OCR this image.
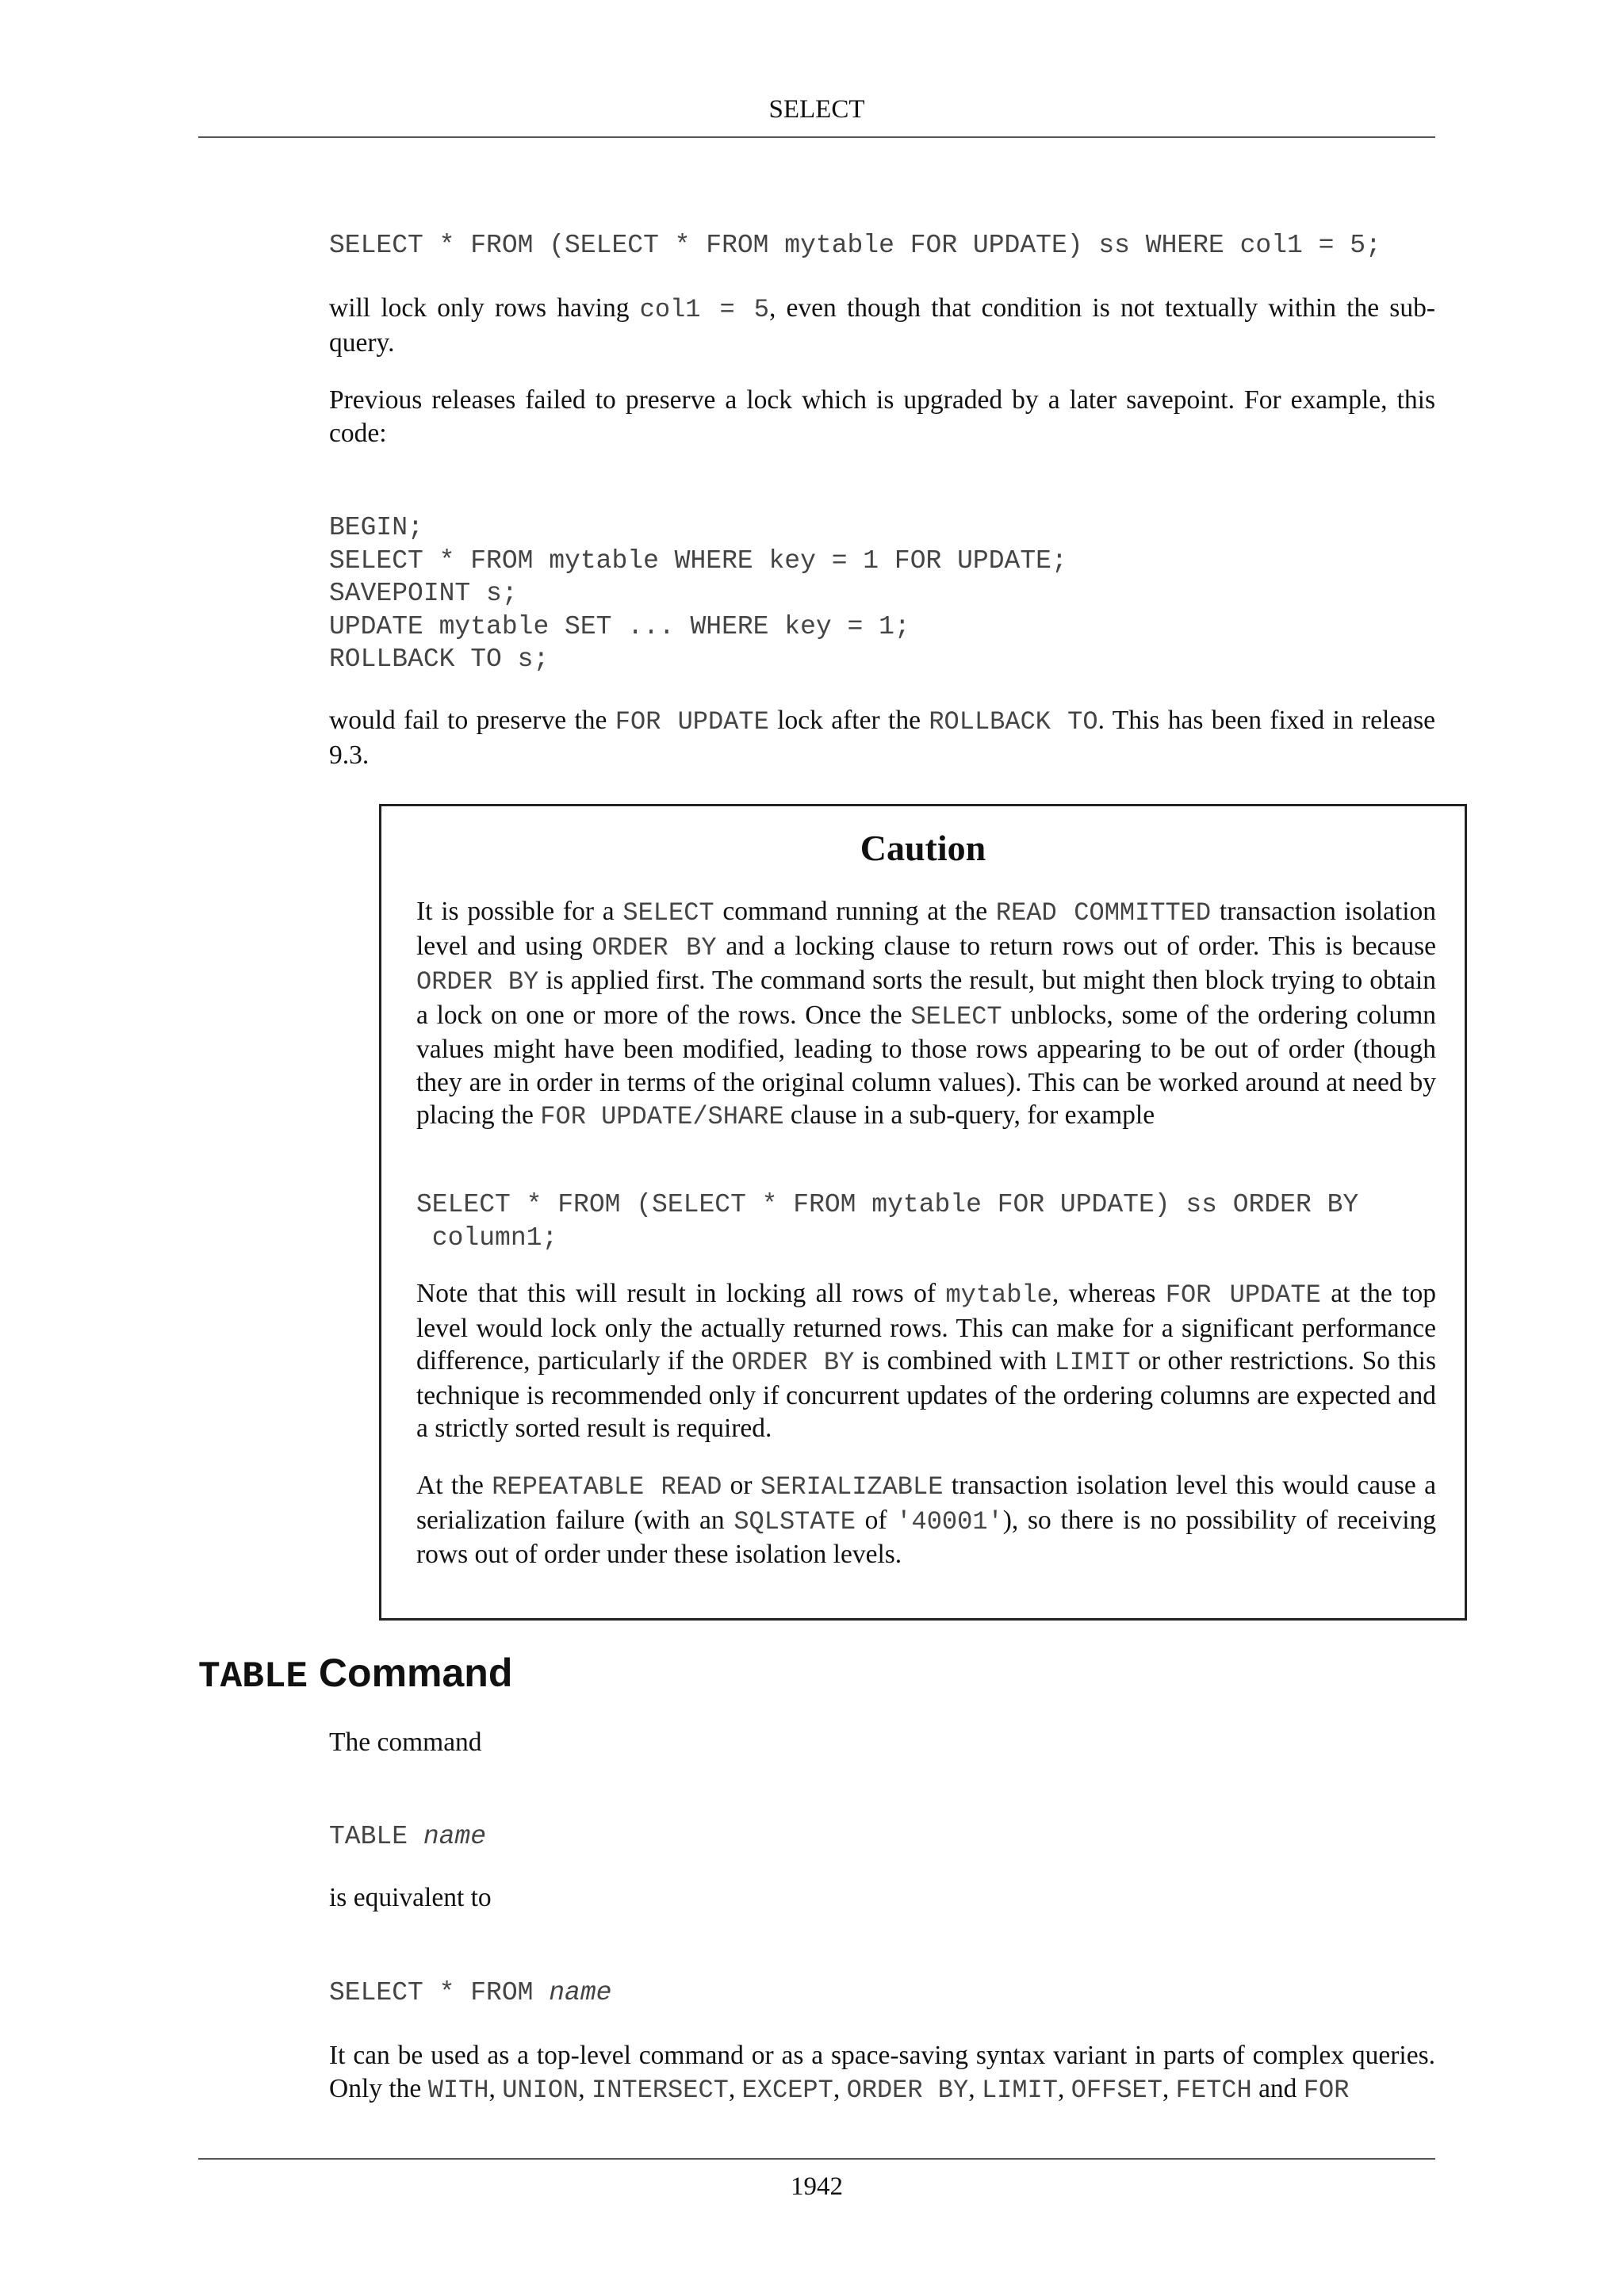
SELECT
SELECT * FROM (SELECT * FROM mytable FOR UPDATE) ss WHERE col1 = 5;

will lock only rows having col1 = 5, even though that condition is not textually within the sub-query.

Previous releases failed to preserve a lock which is upgraded by a later savepoint. For example, this code:

BEGIN;
SELECT * FROM mytable WHERE key = 1 FOR UPDATE;
SAVEPOINT s;
UPDATE mytable SET ... WHERE key = 1;
ROLLBACK TO s;

would fail to preserve the FOR UPDATE lock after the ROLLBACK TO. This has been fixed in release 9.3.

Caution

It is possible for a SELECT command running at the READ COMMITTED transaction isolation level and using ORDER BY and a locking clause to return rows out of order. This is because ORDER BY is applied first. The command sorts the result, but might then block trying to obtain a lock on one or more of the rows. Once the SELECT unblocks, some of the ordering column values might have been modified, leading to those rows appearing to be out of order (though they are in order in terms of the original column values). This can be worked around at need by placing the FOR UPDATE/SHARE clause in a sub-query, for example

SELECT * FROM (SELECT * FROM mytable FOR UPDATE) ss ORDER BY
column1;

Note that this will result in locking all rows of mytable, whereas FOR UPDATE at the top level would lock only the actually returned rows. This can make for a significant performance difference, particularly if the ORDER BY is combined with LIMIT or other restrictions. So this technique is recommended only if concurrent updates of the ordering columns are expected and a strictly sorted result is required.

At the REPEATABLE READ or SERIALIZABLE transaction isolation level this would cause a serialization failure (with an SQLSTATE of '40001'), so there is no possibility of receiving rows out of order under these isolation levels.

TABLE Command

The command

TABLE name

is equivalent to

SELECT * FROM name

It can be used as a top-level command or as a space-saving syntax variant in parts of complex queries. Only the WITH, UNION, INTERSECT, EXCEPT, ORDER BY, LIMIT, OFFSET, FETCH and FOR

1942
